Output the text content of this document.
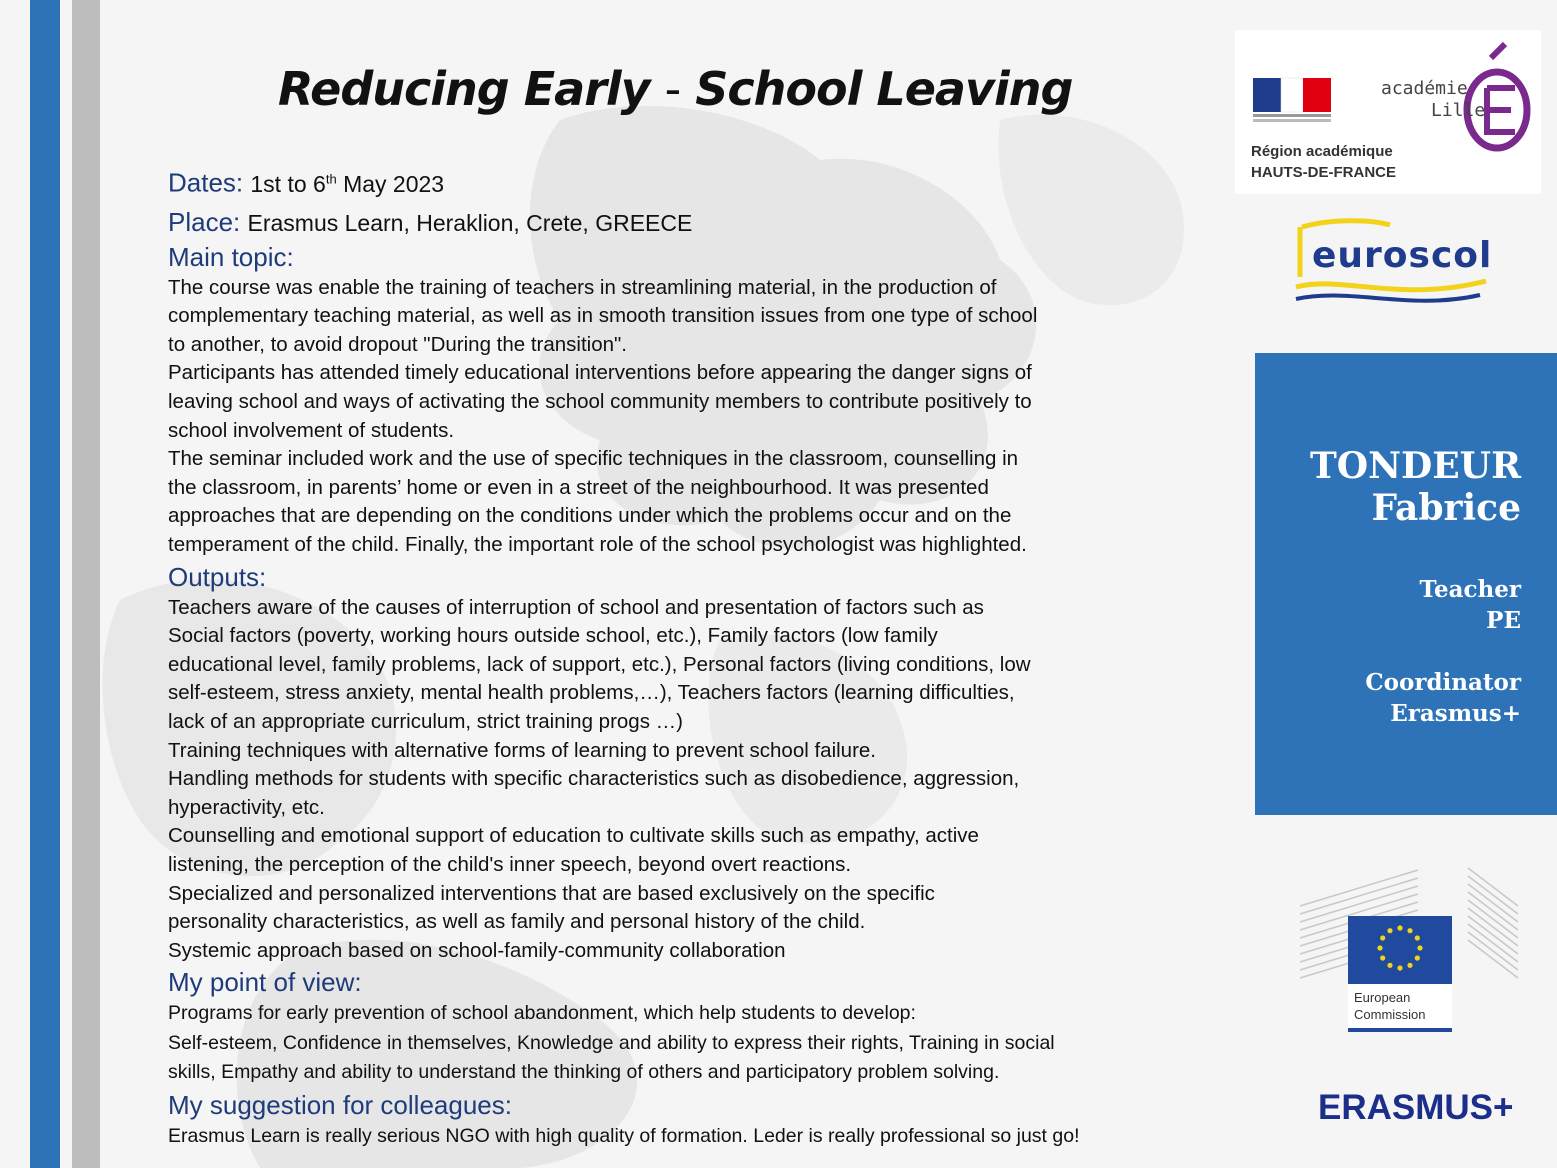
Reducing Early - School Leaving
Dates: 1st to 6th May 2023
Place: Erasmus Learn, Heraklion, Crete, GREECE
Main topic:
The course was enable the training of teachers in streamlining material, in the production of
complementary teaching material, as well as in smooth transition issues from one type of school
to another, to avoid dropout "During the transition".
Participants has attended timely educational interventions before appearing the danger signs of
leaving school and ways of activating the school community members to contribute positively to
school involvement of students.
The seminar included work and the use of specific techniques in the classroom, counselling in
the classroom, in parents’ home or even in a street of the neighbourhood. It was presented
approaches that are depending on the conditions under which the problems occur and on the
temperament of the child. Finally, the important role of the school psychologist was highlighted.
Outputs:
Teachers aware of the causes of interruption of school and presentation of factors such as
Social factors (poverty, working hours outside school, etc.), Family factors (low family
educational level, family problems, lack of support, etc.), Personal factors (living conditions, low
self-esteem, stress anxiety, mental health problems,…), Teachers factors (learning difficulties,
lack of an appropriate curriculum, strict training progs …)
Training techniques with alternative forms of learning to prevent school failure.
Handling methods for students with specific characteristics such as disobedience, aggression,
hyperactivity, etc.
Counselling and emotional support of education to cultivate skills such as empathy, active
listening, the perception of the child's inner speech, beyond overt reactions.
Specialized and personalized interventions that are based exclusively on the specific
personality characteristics, as well as family and personal history of the child.
Systemic approach based on school-family-community collaboration
My point of view:
Programs for early prevention of school abandonment, which help students to develop:
Self-esteem, Confidence in themselves, Knowledge and ability to express their rights, Training in social
skills, Empathy and ability to understand the thinking of others and participatory problem solving.
My suggestion for colleagues:
Erasmus Learn is really serious NGO with high quality of formation. Leder is really professional so just go!
académie
Lille
Région académique
HAUTS-DE-FRANCE
euroscol
TONDEUR
Fabrice
Teacher
PE
Coordinator
Erasmus+
European
Commission
ERASMUS+
